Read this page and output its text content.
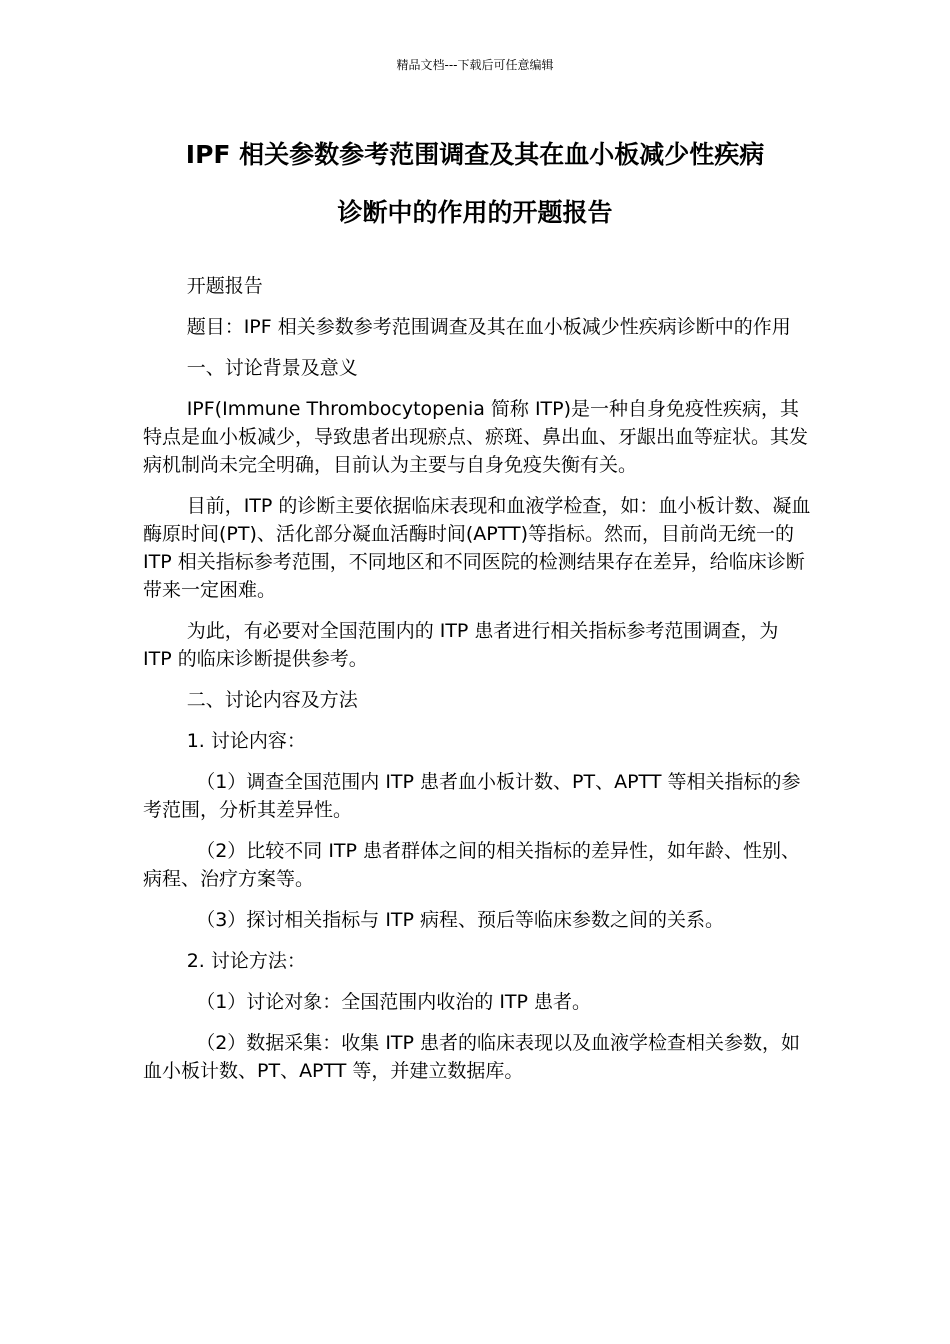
精品文档---下载后可任意编辑
IPF 相关参数参考范围调查及其在血小板减少性疾病
诊断中的作用的开题报告

开题报告

题目：IPF 相关参数参考范围调查及其在血小板减少性疾病诊断中的作用

一、讨论背景及意义

IPF(Immune Thrombocytopenia 简称 ITP)是一种自身免疫性疾病，其特点是血小板减少，导致患者出现瘀点、瘀斑、鼻出血、牙龈出血等症状。其发病机制尚未完全明确，目前认为主要与自身免疫失衡有关。

目前，ITP 的诊断主要依据临床表现和血液学检查，如：血小板计数、凝血酶原时间(PT)、活化部分凝血活酶时间(APTT)等指标。然而，目前尚无统一的 ITP 相关指标参考范围，不同地区和不同医院的检测结果存在差异，给临床诊断带来一定困难。

为此，有必要对全国范围内的 ITP 患者进行相关指标参考范围调查，为 ITP 的临床诊断提供参考。

二、讨论内容及方法

1. 讨论内容：

（1）调查全国范围内 ITP 患者血小板计数、PT、APTT 等相关指标的参考范围，分析其差异性。

（2）比较不同 ITP 患者群体之间的相关指标的差异性，如年龄、性别、病程、治疗方案等。

（3）探讨相关指标与 ITP 病程、预后等临床参数之间的关系。

2. 讨论方法：

（1）讨论对象：全国范围内收治的 ITP 患者。

（2）数据采集：收集 ITP 患者的临床表现以及血液学检查相关参数，如血小板计数、PT、APTT 等，并建立数据库。
